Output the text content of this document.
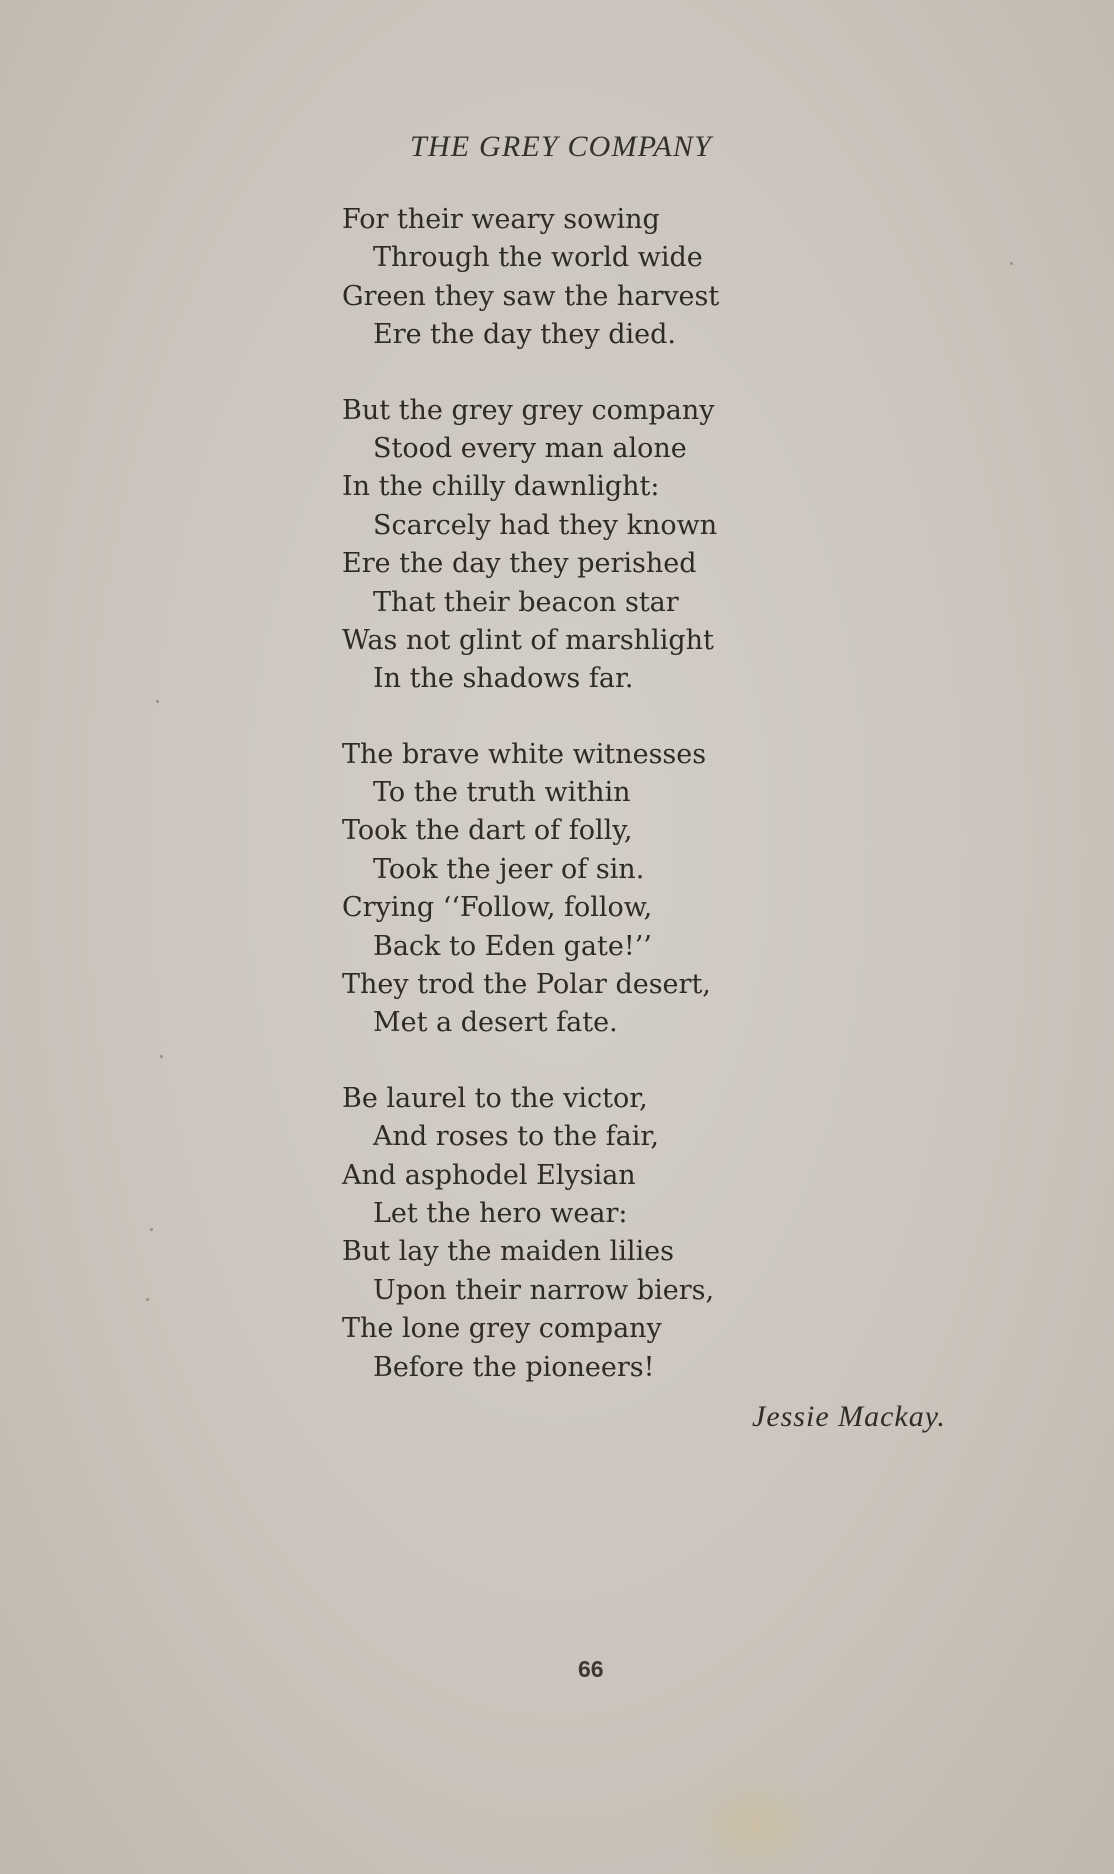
THE GREY COMPANY
For their weary sowing
Through the world wide
Green they saw the harvest
Ere the day they died.
But the grey grey company
Stood every man alone
In the chilly dawnlight:
Scarcely had they known
Ere the day they perished
That their beacon star
Was not glint of marshlight
In the shadows far.
The brave white witnesses
To the truth within
Took the dart of folly,
Took the jeer of sin.
Crying ‘‘Follow, follow,
Back to Eden gate!’’
They trod the Polar desert,
Met a desert fate.
Be laurel to the victor,
And roses to the fair,
And asphodel Elysian
Let the hero wear:
But lay the maiden lilies
Upon their narrow biers,
The lone grey company
Before the pioneers!
Jessie Mackay.
66
